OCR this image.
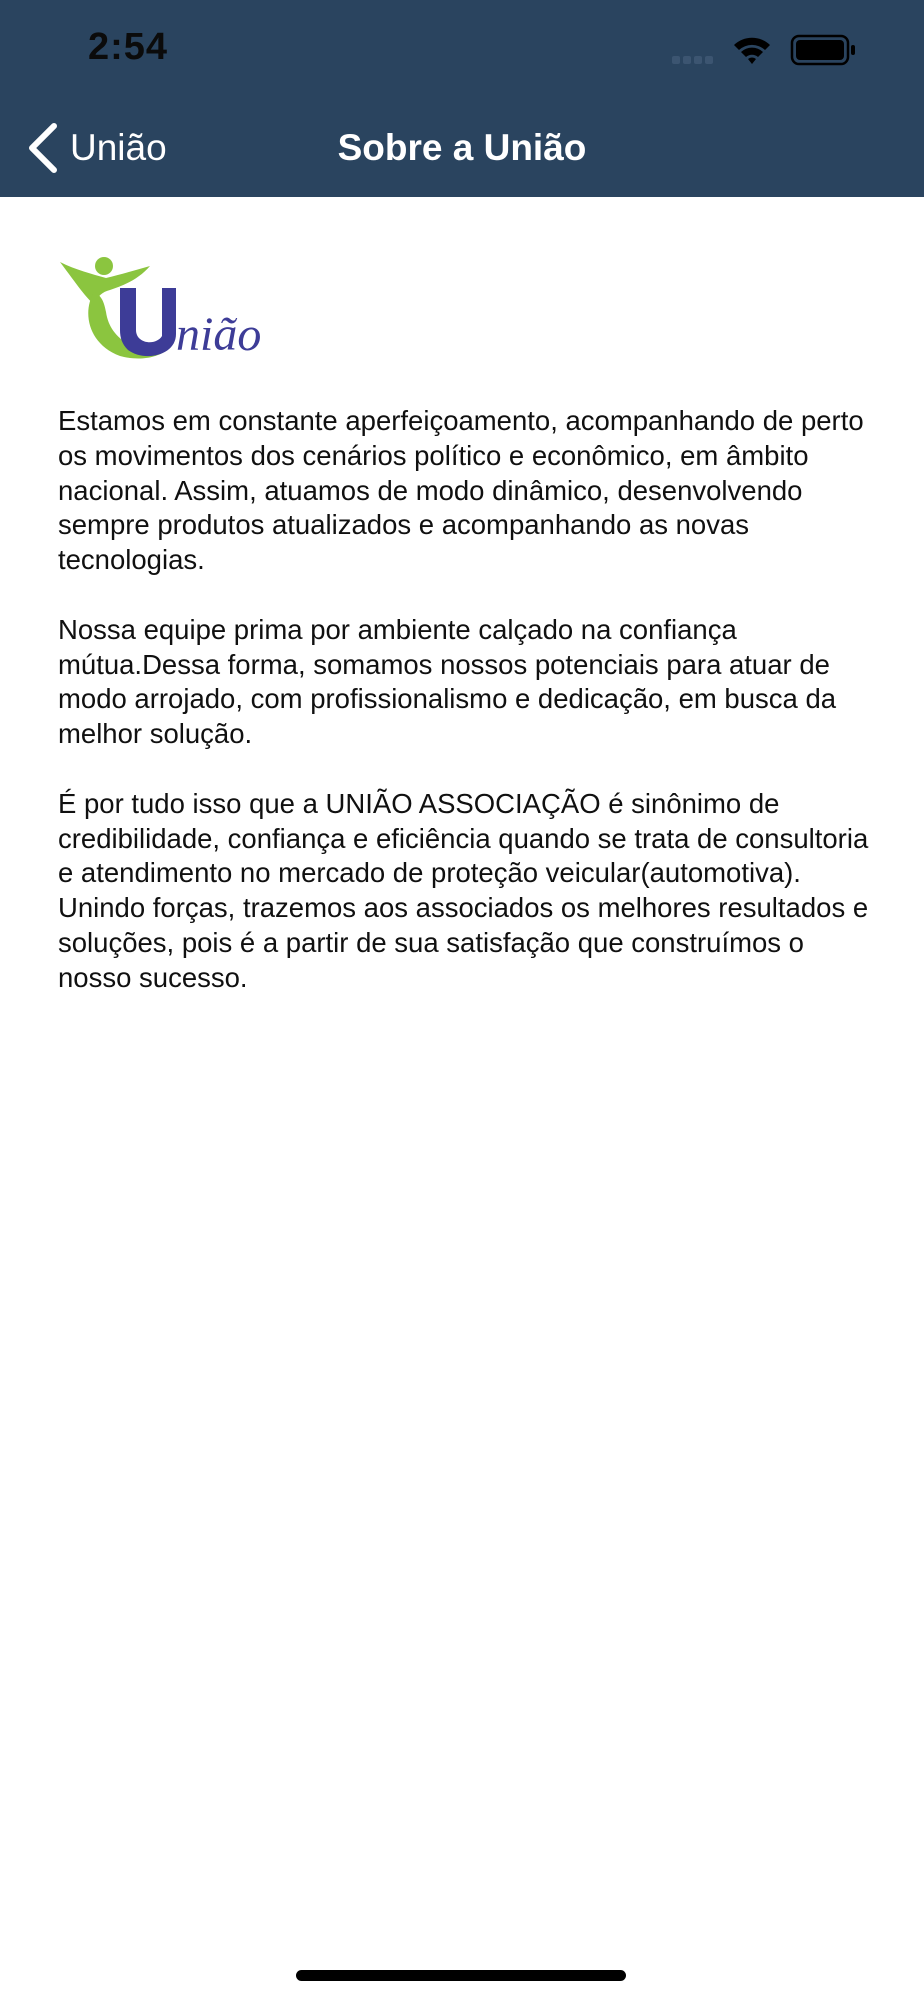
2:54
União	Sobre a União
nião

Estamos em constante aperfeiçoamento, acompanhando de perto os movimentos dos cenários político e econômico, em âmbito nacional. Assim, atuamos de modo dinâmico, desenvolvendo sempre produtos atualizados e acompanhando as novas tecnologias.

Nossa equipe prima por ambiente calçado na confiança mútua.Dessa forma, somamos nossos potenciais para atuar de modo arrojado, com profissionalismo e dedicação, em busca da melhor solução.

É por tudo isso que a UNIÃO ASSOCIAÇÃO é sinônimo de credibilidade, confiança e eficiência quando se trata de consultoria e atendimento no mercado de proteção veicular(automotiva). Unindo forças, trazemos aos associados os melhores resultados e soluções, pois é a partir de sua satisfação que construímos o nosso sucesso.
